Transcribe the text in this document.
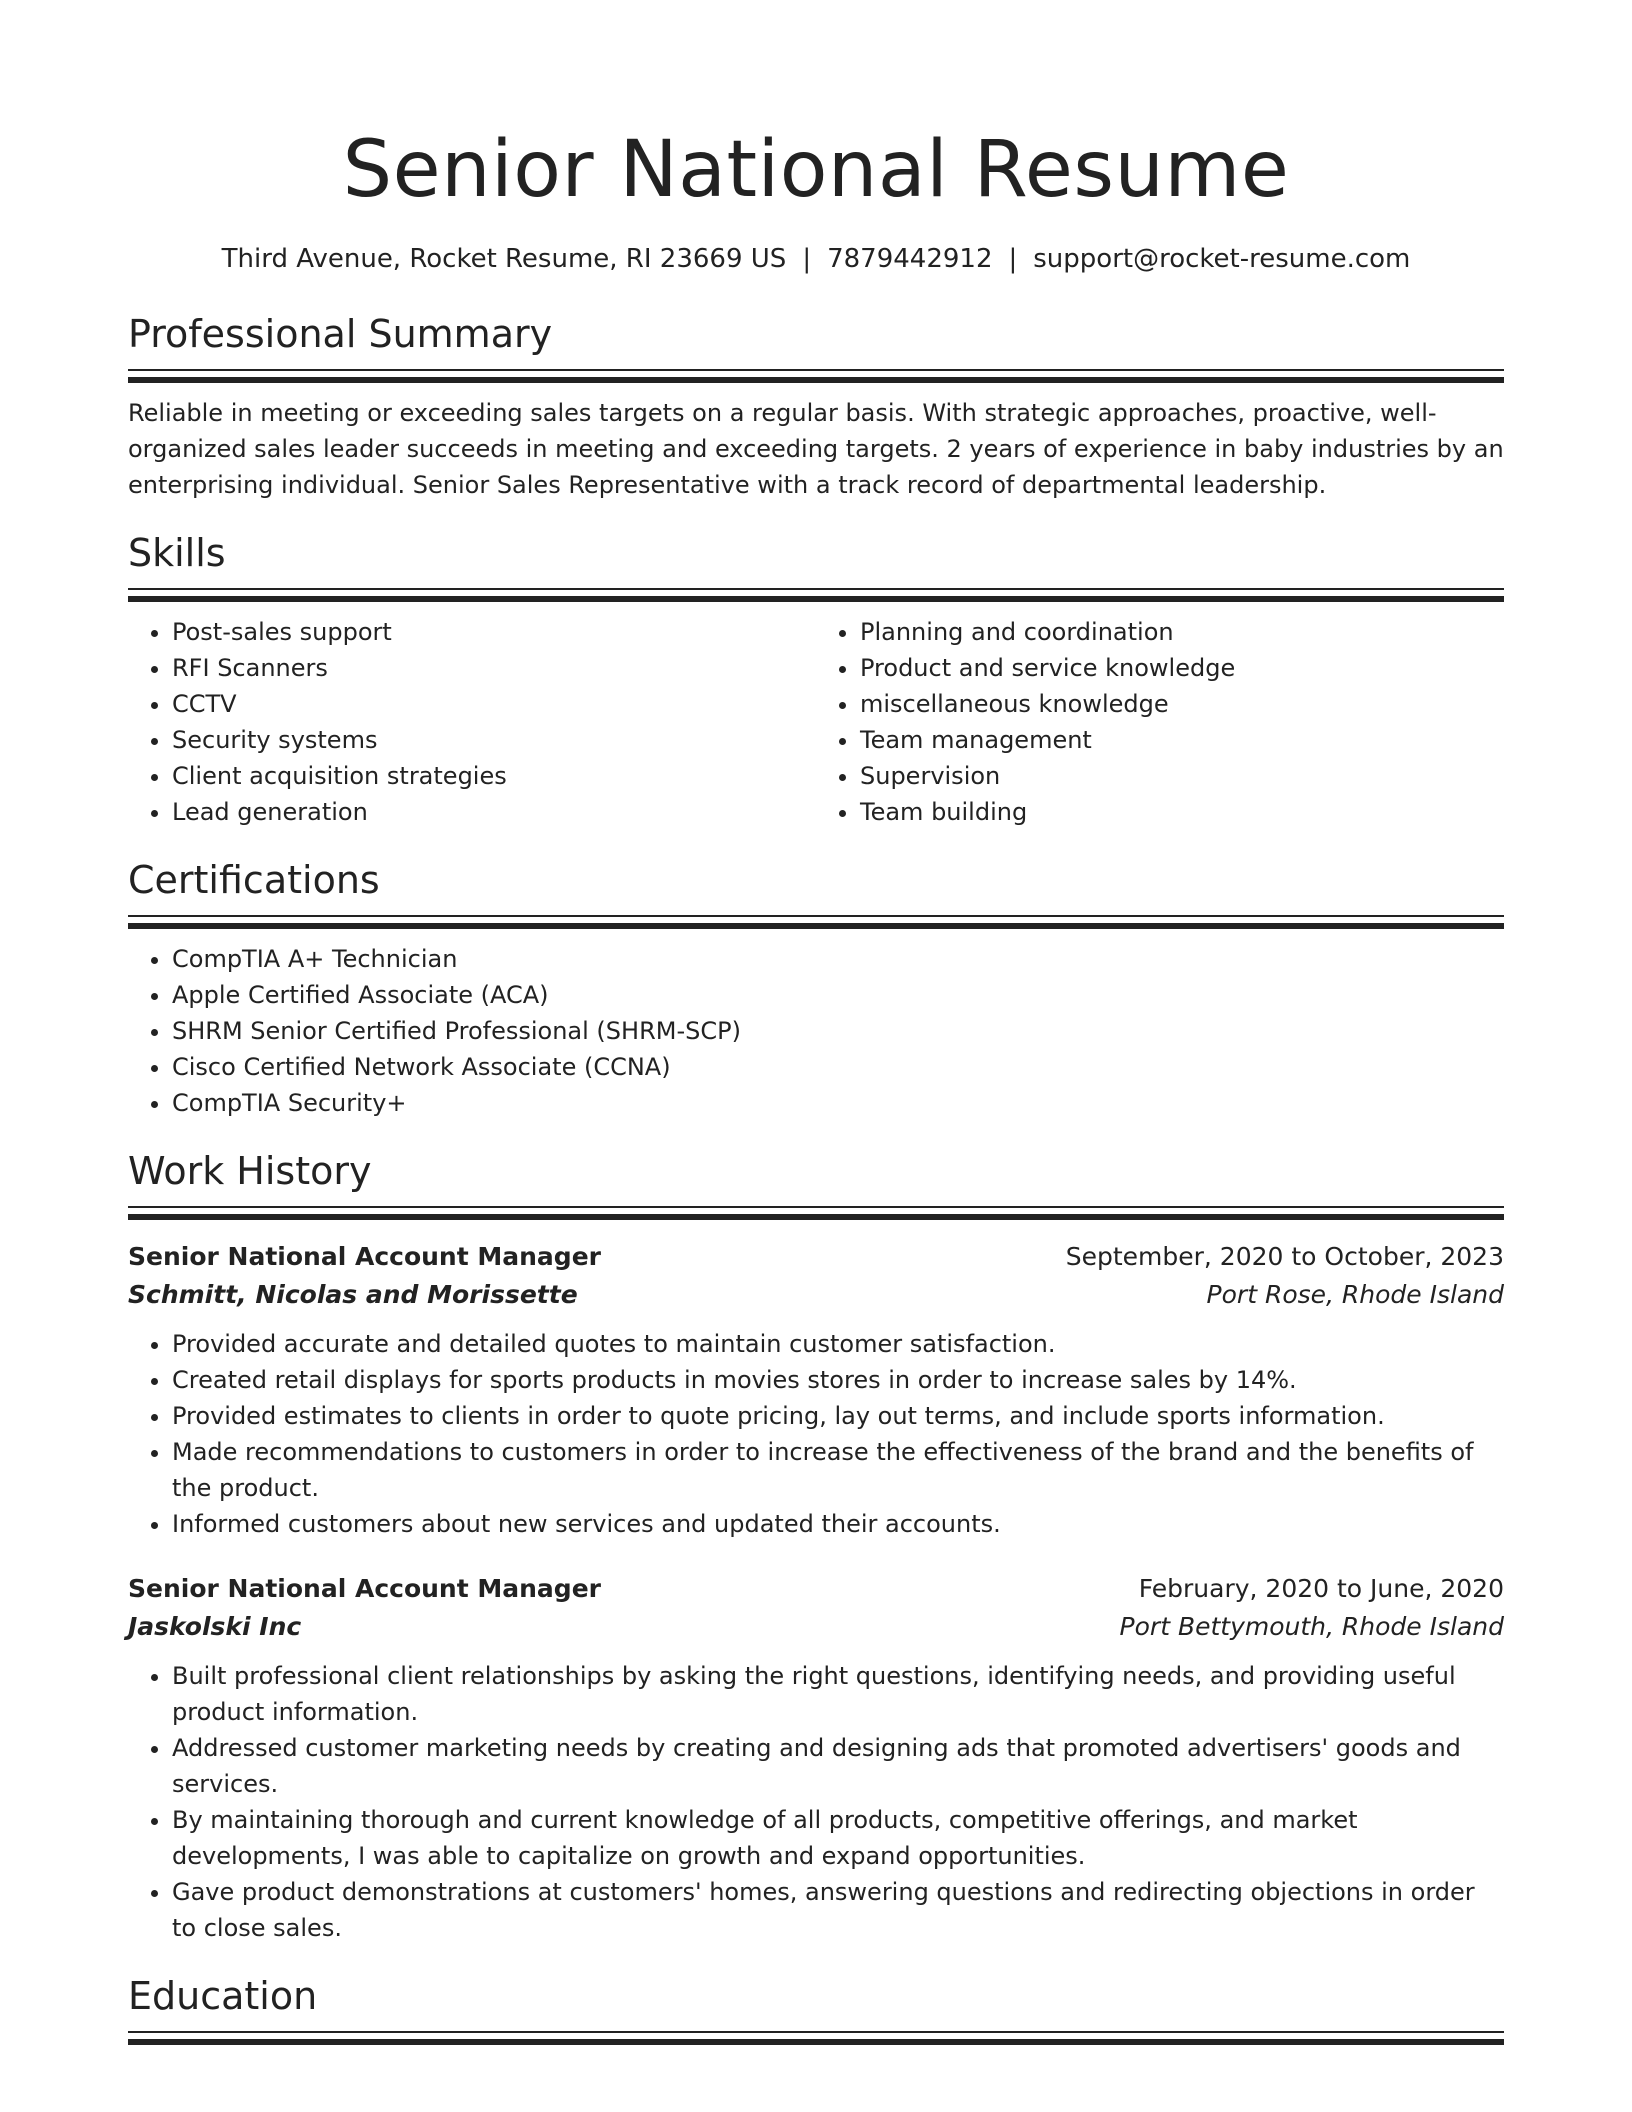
Senior National Resume
Third Avenue, Rocket Resume, RI 23669 US | 7879442912 | support@rocket-resume.com
Professional Summary

Reliable in meeting or exceeding sales targets on a regular basis. With strategic approaches, proactive, well-organized sales leader succeeds in meeting and exceeding targets. 2 years of experience in baby industries by an enterprising individual. Senior Sales Representative with a track record of departmental leadership.

Skills
• Post-sales support
• RFI Scanners
• CCTV
• Security systems
• Client acquisition strategies
• Lead generation
• Planning and coordination
• Product and service knowledge
• miscellaneous knowledge
• Team management
• Supervision
• Team building
Certifications
• CompTIA A+ Technician
• Apple Certified Associate (ACA)
• SHRM Senior Certified Professional (SHRM-SCP)
• Cisco Certified Network Associate (CCNA)
• CompTIA Security+
Work History
Senior National Account Manager	September, 2020 to October, 2023
Schmitt, Nicolas and Morissette	Port Rose, Rhode Island
• Provided accurate and detailed quotes to maintain customer satisfaction.
• Created retail displays for sports products in movies stores in order to increase sales by 14%.
• Provided estimates to clients in order to quote pricing, lay out terms, and include sports information.
• Made recommendations to customers in order to increase the effectiveness of the brand and the benefits of the product.
• Informed customers about new services and updated their accounts.
Senior National Account Manager	February, 2020 to June, 2020
Jaskolski Inc	Port Bettymouth, Rhode Island
• Built professional client relationships by asking the right questions, identifying needs, and providing useful product information.
• Addressed customer marketing needs by creating and designing ads that promoted advertisers' goods and services.
• By maintaining thorough and current knowledge of all products, competitive offerings, and market developments, I was able to capitalize on growth and expand opportunities.
• Gave product demonstrations at customers' homes, answering questions and redirecting objections in order to close sales.
Education
